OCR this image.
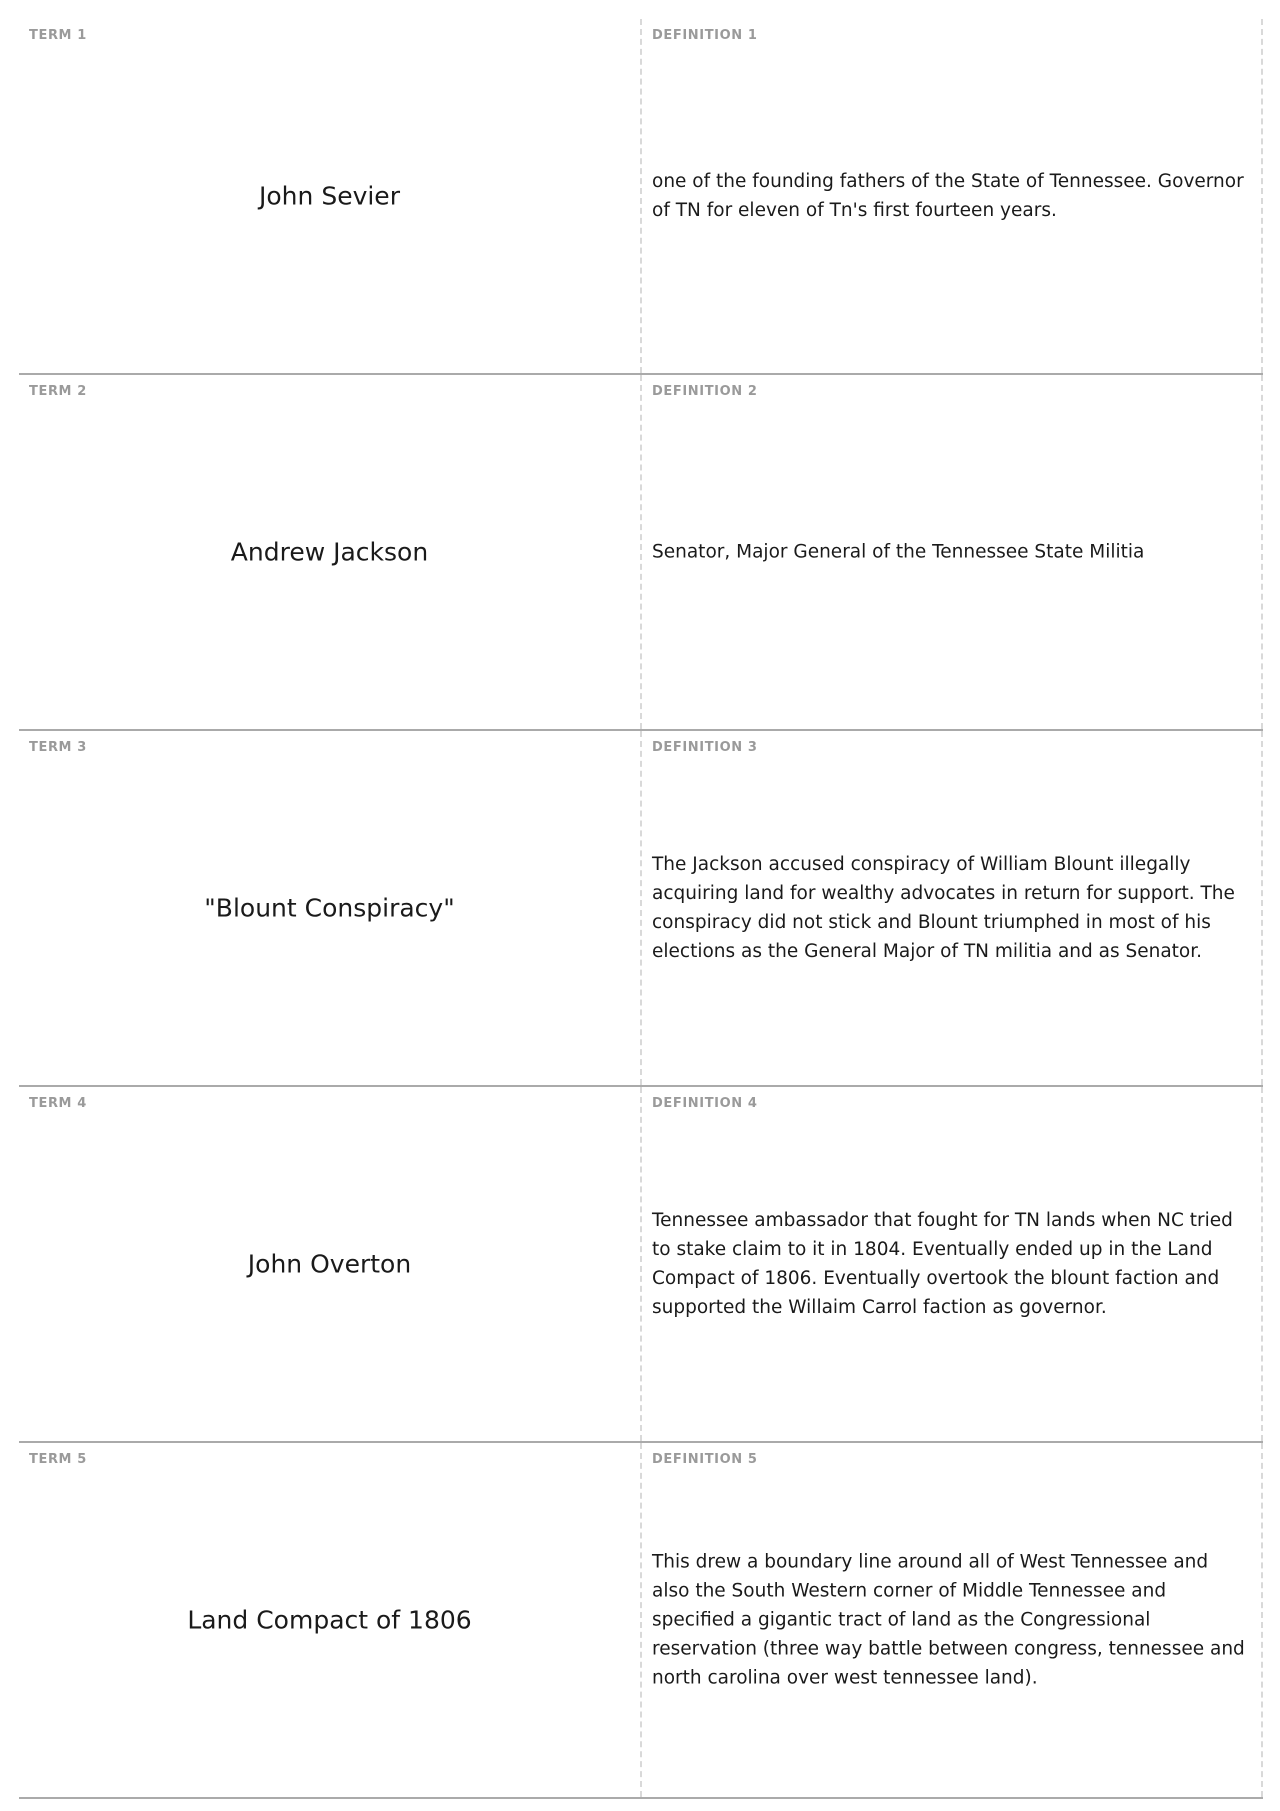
TERM 1
John Sevier
DEFINITION 1
one of the founding fathers of the State of Tennessee. Governor of TN for eleven of Tn's first fourteen years.
TERM 2
Andrew Jackson
DEFINITION 2
Senator, Major General of the Tennessee State Militia
TERM 3
"Blount Conspiracy"
DEFINITION 3
The Jackson accused conspiracy of William Blount illegally acquiring land for wealthy advocates in return for support. The conspiracy did not stick and Blount triumphed in most of his elections as the General Major of TN militia and as Senator.
TERM 4
John Overton
DEFINITION 4
Tennessee ambassador that fought for TN lands when NC tried to stake claim to it in 1804. Eventually ended up in the Land Compact of 1806. Eventually overtook the blount faction and supported the Willaim Carrol faction as governor.
TERM 5
Land Compact of 1806
DEFINITION 5
This drew a boundary line around all of West Tennessee and also the South Western corner of Middle Tennessee and specified a gigantic tract of land as the Congressional reservation (three way battle between congress, tennessee and north carolina over west tennessee land).
